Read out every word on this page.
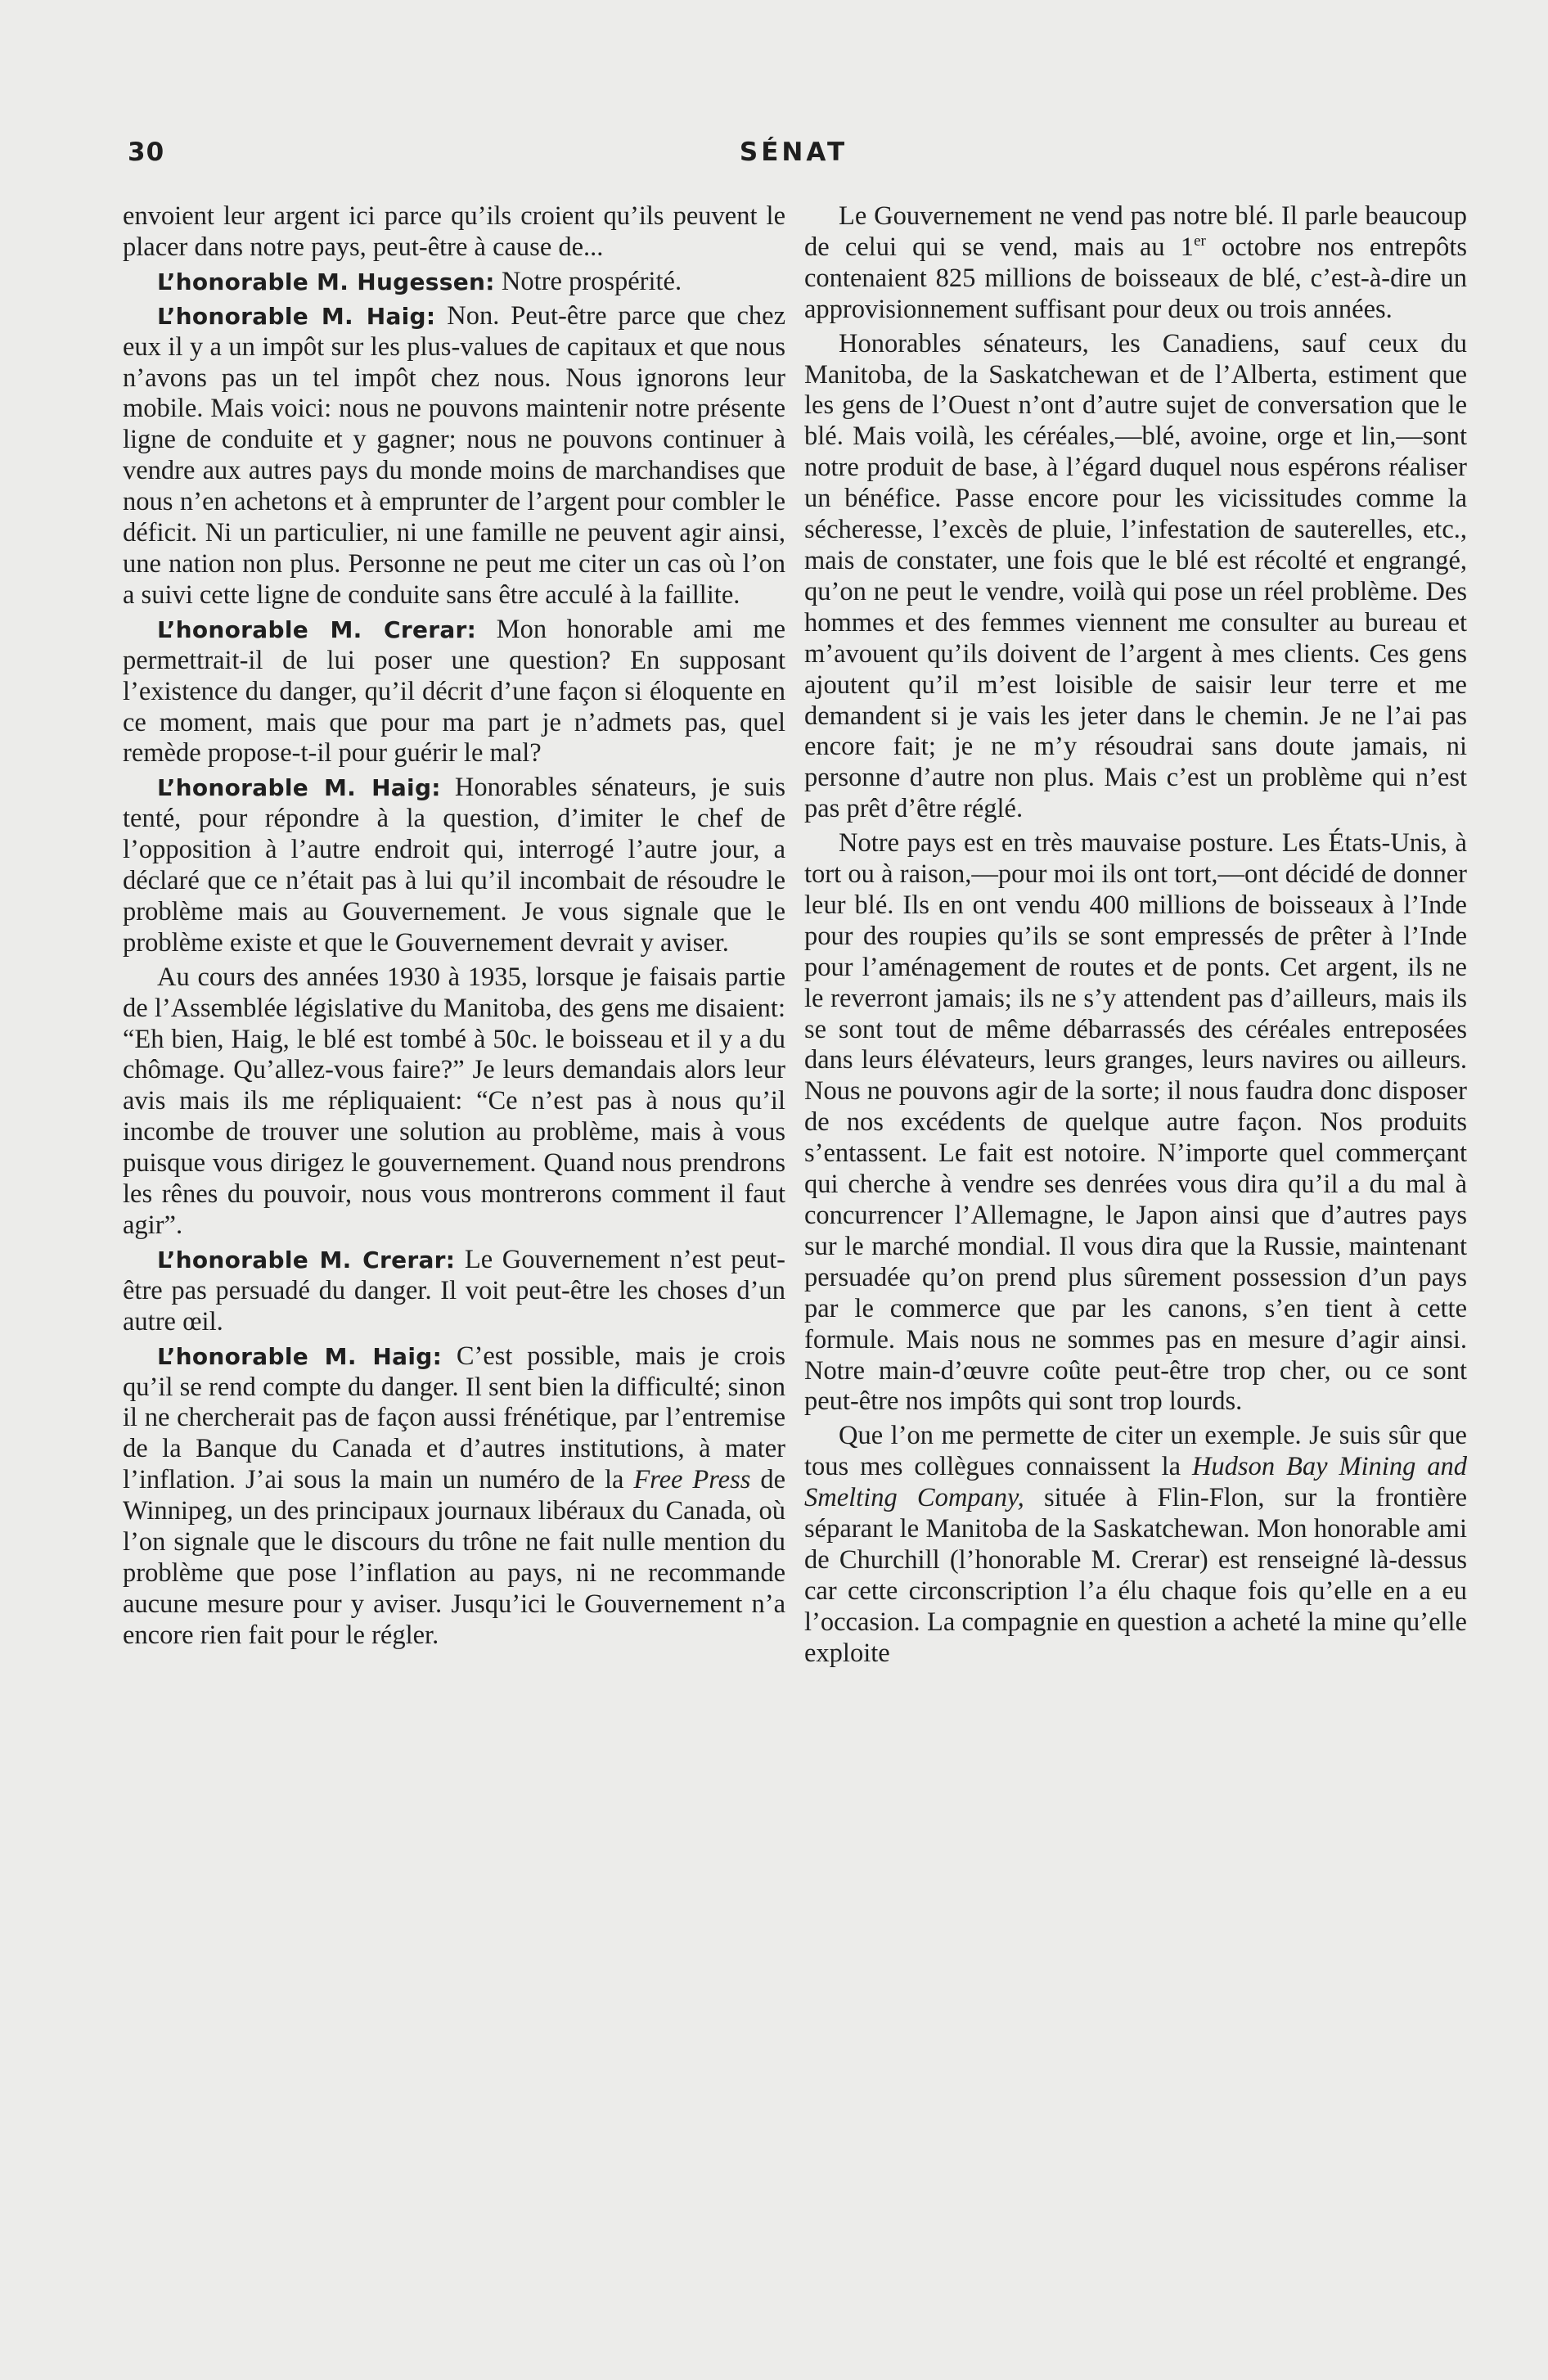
30	SÉNAT

envoient leur argent ici parce qu’ils croient qu’ils peuvent le placer dans notre pays, peut-être à cause de...

L’honorable M. Hugessen: Notre prospérité.

L’honorable M. Haig: Non. Peut-être parce que chez eux il y a un impôt sur les plus-values de capitaux et que nous n’avons pas un tel impôt chez nous. Nous ignorons leur mobile. Mais voici: nous ne pouvons maintenir notre présente ligne de conduite et y gagner; nous ne pouvons continuer à vendre aux autres pays du monde moins de marchandises que nous n’en achetons et à emprunter de l’argent pour combler le déficit. Ni un particulier, ni une famille ne peuvent agir ainsi, une nation non plus. Personne ne peut me citer un cas où l’on a suivi cette ligne de conduite sans être acculé à la faillite.

L’honorable M. Crerar: Mon honorable ami me permettrait-il de lui poser une question? En supposant l’existence du danger, qu’il décrit d’une façon si éloquente en ce moment, mais que pour ma part je n’admets pas, quel remède propose-t-il pour guérir le mal?

L’honorable M. Haig: Honorables sénateurs, je suis tenté, pour répondre à la question, d’imiter le chef de l’opposition à l’autre endroit qui, interrogé l’autre jour, a déclaré que ce n’était pas à lui qu’il incombait de résoudre le problème mais au Gouvernement. Je vous signale que le problème existe et que le Gouvernement devrait y aviser.

Au cours des années 1930 à 1935, lorsque je faisais partie de l’Assemblée législative du Manitoba, des gens me disaient: “Eh bien, Haig, le blé est tombé à 50c. le boisseau et il y a du chômage. Qu’allez-vous faire?” Je leurs demandais alors leur avis mais ils me répliquaient: “Ce n’est pas à nous qu’il incombe de trouver une solution au problème, mais à vous puisque vous dirigez le gouvernement. Quand nous prendrons les rênes du pouvoir, nous vous montrerons comment il faut agir”.

L’honorable M. Crerar: Le Gouvernement n’est peut-être pas persuadé du danger. Il voit peut-être les choses d’un autre œil.

L’honorable M. Haig: C’est possible, mais je crois qu’il se rend compte du danger. Il sent bien la difficulté; sinon il ne chercherait pas de façon aussi frénétique, par l’entremise de la Banque du Canada et d’autres institutions, à mater l’inflation. J’ai sous la main un numéro de la Free Press de Winnipeg, un des principaux journaux libéraux du Canada, où l’on signale que le discours du trône ne fait nulle mention du problème que pose l’inflation au pays, ni ne recommande aucune mesure pour y aviser. Jusqu’ici le Gouvernement n’a encore rien fait pour le régler.

Le Gouvernement ne vend pas notre blé. Il parle beaucoup de celui qui se vend, mais au 1er octobre nos entrepôts contenaient 825 millions de boisseaux de blé, c’est-à-dire un approvisionnement suffisant pour deux ou trois années.

Honorables sénateurs, les Canadiens, sauf ceux du Manitoba, de la Saskatchewan et de l’Alberta, estiment que les gens de l’Ouest n’ont d’autre sujet de conversation que le blé. Mais voilà, les céréales,—blé, avoine, orge et lin,—sont notre produit de base, à l’égard duquel nous espérons réaliser un bénéfice. Passe encore pour les vicissitudes comme la sécheresse, l’excès de pluie, l’infestation de sauterelles, etc., mais de constater, une fois que le blé est récolté et engrangé, qu’on ne peut le vendre, voilà qui pose un réel problème. Des hommes et des femmes viennent me consulter au bureau et m’avouent qu’ils doivent de l’argent à mes clients. Ces gens ajoutent qu’il m’est loisible de saisir leur terre et me demandent si je vais les jeter dans le chemin. Je ne l’ai pas encore fait; je ne m’y résoudrai sans doute jamais, ni personne d’autre non plus. Mais c’est un problème qui n’est pas prêt d’être réglé.

Notre pays est en très mauvaise posture. Les États-Unis, à tort ou à raison,—pour moi ils ont tort,—ont décidé de donner leur blé. Ils en ont vendu 400 millions de boisseaux à l’Inde pour des roupies qu’ils se sont empressés de prêter à l’Inde pour l’aménagement de routes et de ponts. Cet argent, ils ne le reverront jamais; ils ne s’y attendent pas d’ailleurs, mais ils se sont tout de même débarrassés des céréales entreposées dans leurs élévateurs, leurs granges, leurs navires ou ailleurs. Nous ne pouvons agir de la sorte; il nous faudra donc disposer de nos excédents de quelque autre façon. Nos produits s’entassent. Le fait est notoire. N’importe quel commerçant qui cherche à vendre ses denrées vous dira qu’il a du mal à concurrencer l’Allemagne, le Japon ainsi que d’autres pays sur le marché mondial. Il vous dira que la Russie, maintenant persuadée qu’on prend plus sûrement possession d’un pays par le commerce que par les canons, s’en tient à cette formule. Mais nous ne sommes pas en mesure d’agir ainsi. Notre main-d’œuvre coûte peut-être trop cher, ou ce sont peut-être nos impôts qui sont trop lourds.

Que l’on me permette de citer un exemple. Je suis sûr que tous mes collègues connaissent la Hudson Bay Mining and Smelting Company, située à Flin-Flon, sur la frontière séparant le Manitoba de la Saskatchewan. Mon honorable ami de Churchill (l’honorable M. Crerar) est renseigné là-dessus car cette circonscription l’a élu chaque fois qu’elle en a eu l’occasion. La compagnie en question a acheté la mine qu’elle exploite
